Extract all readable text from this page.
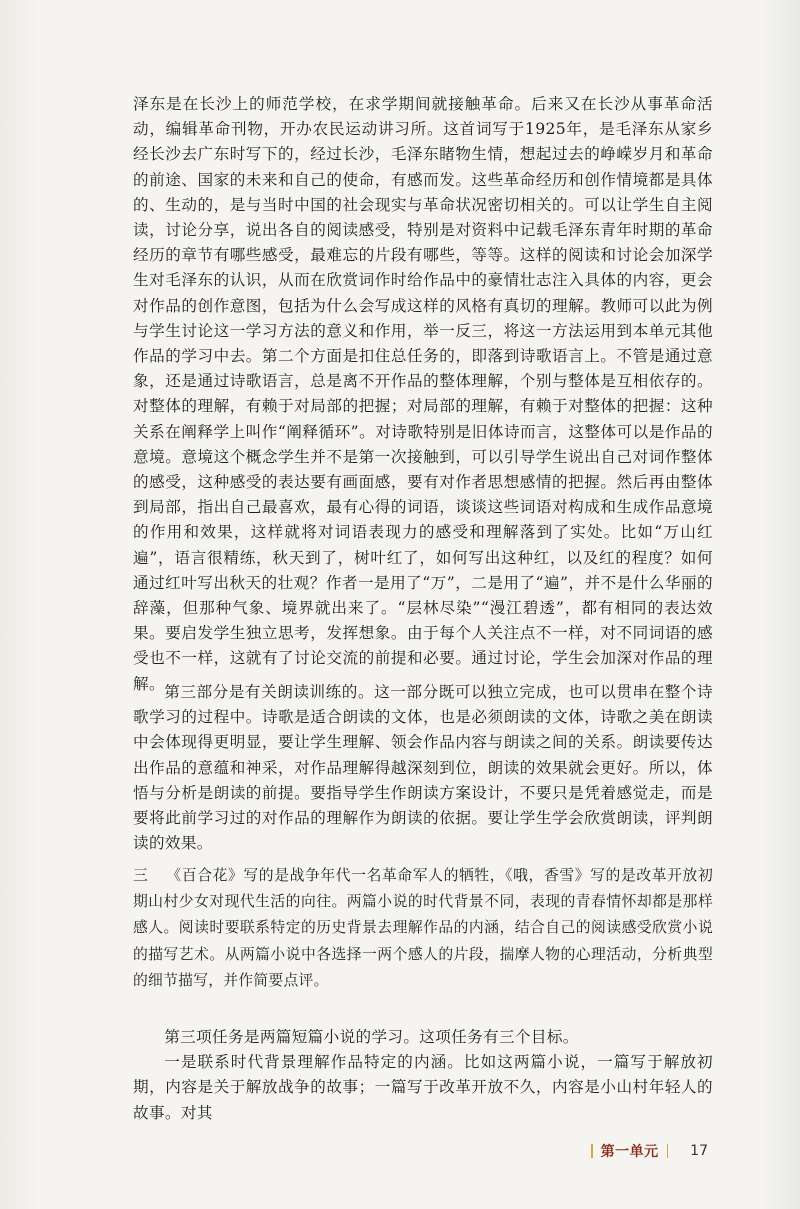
泽东是在长沙上的师范学校，在求学期间就接触革命。后来又在长沙从事革命活动，编辑革命刊物，开办农民运动讲习所。这首词写于1925年，是毛泽东从家乡经长沙去广东时写下的，经过长沙，毛泽东睹物生情，想起过去的峥嵘岁月和革命的前途、国家的未来和自己的使命，有感而发。这些革命经历和创作情境都是具体的、生动的，是与当时中国的社会现实与革命状况密切相关的。可以让学生自主阅读，讨论分享，说出各自的阅读感受，特别是对资料中记载毛泽东青年时期的革命经历的章节有哪些感受，最难忘的片段有哪些，等等。这样的阅读和讨论会加深学生对毛泽东的认识，从而在欣赏词作时给作品中的豪情壮志注入具体的内容，更会对作品的创作意图，包括为什么会写成这样的风格有真切的理解。教师可以此为例与学生讨论这一学习方法的意义和作用，举一反三，将这一方法运用到本单元其他作品的学习中去。第二个方面是扣住总任务的，即落到诗歌语言上。不管是通过意象，还是通过诗歌语言，总是离不开作品的整体理解，个别与整体是互相依存的。对整体的理解，有赖于对局部的把握；对局部的理解，有赖于对整体的把握：这种关系在阐释学上叫作“阐释循环”。对诗歌特别是旧体诗而言，这整体可以是作品的意境。意境这个概念学生并不是第一次接触到，可以引导学生说出自己对词作整体的感受，这种感受的表达要有画面感，要有对作者思想感情的把握。然后再由整体到局部，指出自己最喜欢，最有心得的词语，谈谈这些词语对构成和生成作品意境的作用和效果，这样就将对词语表现力的感受和理解落到了实处。比如“万山红遍”，语言很精练，秋天到了，树叶红了，如何写出这种红，以及红的程度？如何通过红叶写出秋天的壮观？作者一是用了“万”，二是用了“遍”，并不是什么华丽的辞藻，但那种气象、境界就出来了。“层林尽染”“漫江碧透”，都有相同的表达效果。要启发学生独立思考，发挥想象。由于每个人关注点不一样，对不同词语的感受也不一样，这就有了讨论交流的前提和必要。通过讨论，学生会加深对作品的理解。 第三部分是有关朗读训练的。这一部分既可以独立完成，也可以贯串在整个诗歌学习的过程中。诗歌是适合朗读的文体，也是必须朗读的文体，诗歌之美在朗读中会体现得更明显，要让学生理解、领会作品内容与朗读之间的关系。朗读要传达出作品的意蕴和神采，对作品理解得越深刻到位，朗读的效果就会更好。所以，体悟与分析是朗读的前提。要指导学生作朗读方案设计，不要只是凭着感觉走，而是要将此前学习过的对作品的理解作为朗读的依据。要让学生学会欣赏朗读，评判朗读的效果。

三 《百合花》写的是战争年代一名革命军人的牺牲，《哦，香雪》写的是改革开放初期山村少女对现代生活的向往。两篇小说的时代背景不同，表现的青春情怀却都是那样感人。阅读时要联系特定的历史背景去理解作品的内涵，结合自己的阅读感受欣赏小说的描写艺术。从两篇小说中各选择一两个感人的片段，揣摩人物的心理活动，分析典型的细节描写，并作简要点评。

第三项任务是两篇短篇小说的学习。这项任务有三个目标。

一是联系时代背景理解作品特定的内涵。比如这两篇小说，一篇写于解放初期，内容是关于解放战争的故事；一篇写于改革开放不久，内容是小山村年轻人的故事。对其

第一单元 17
